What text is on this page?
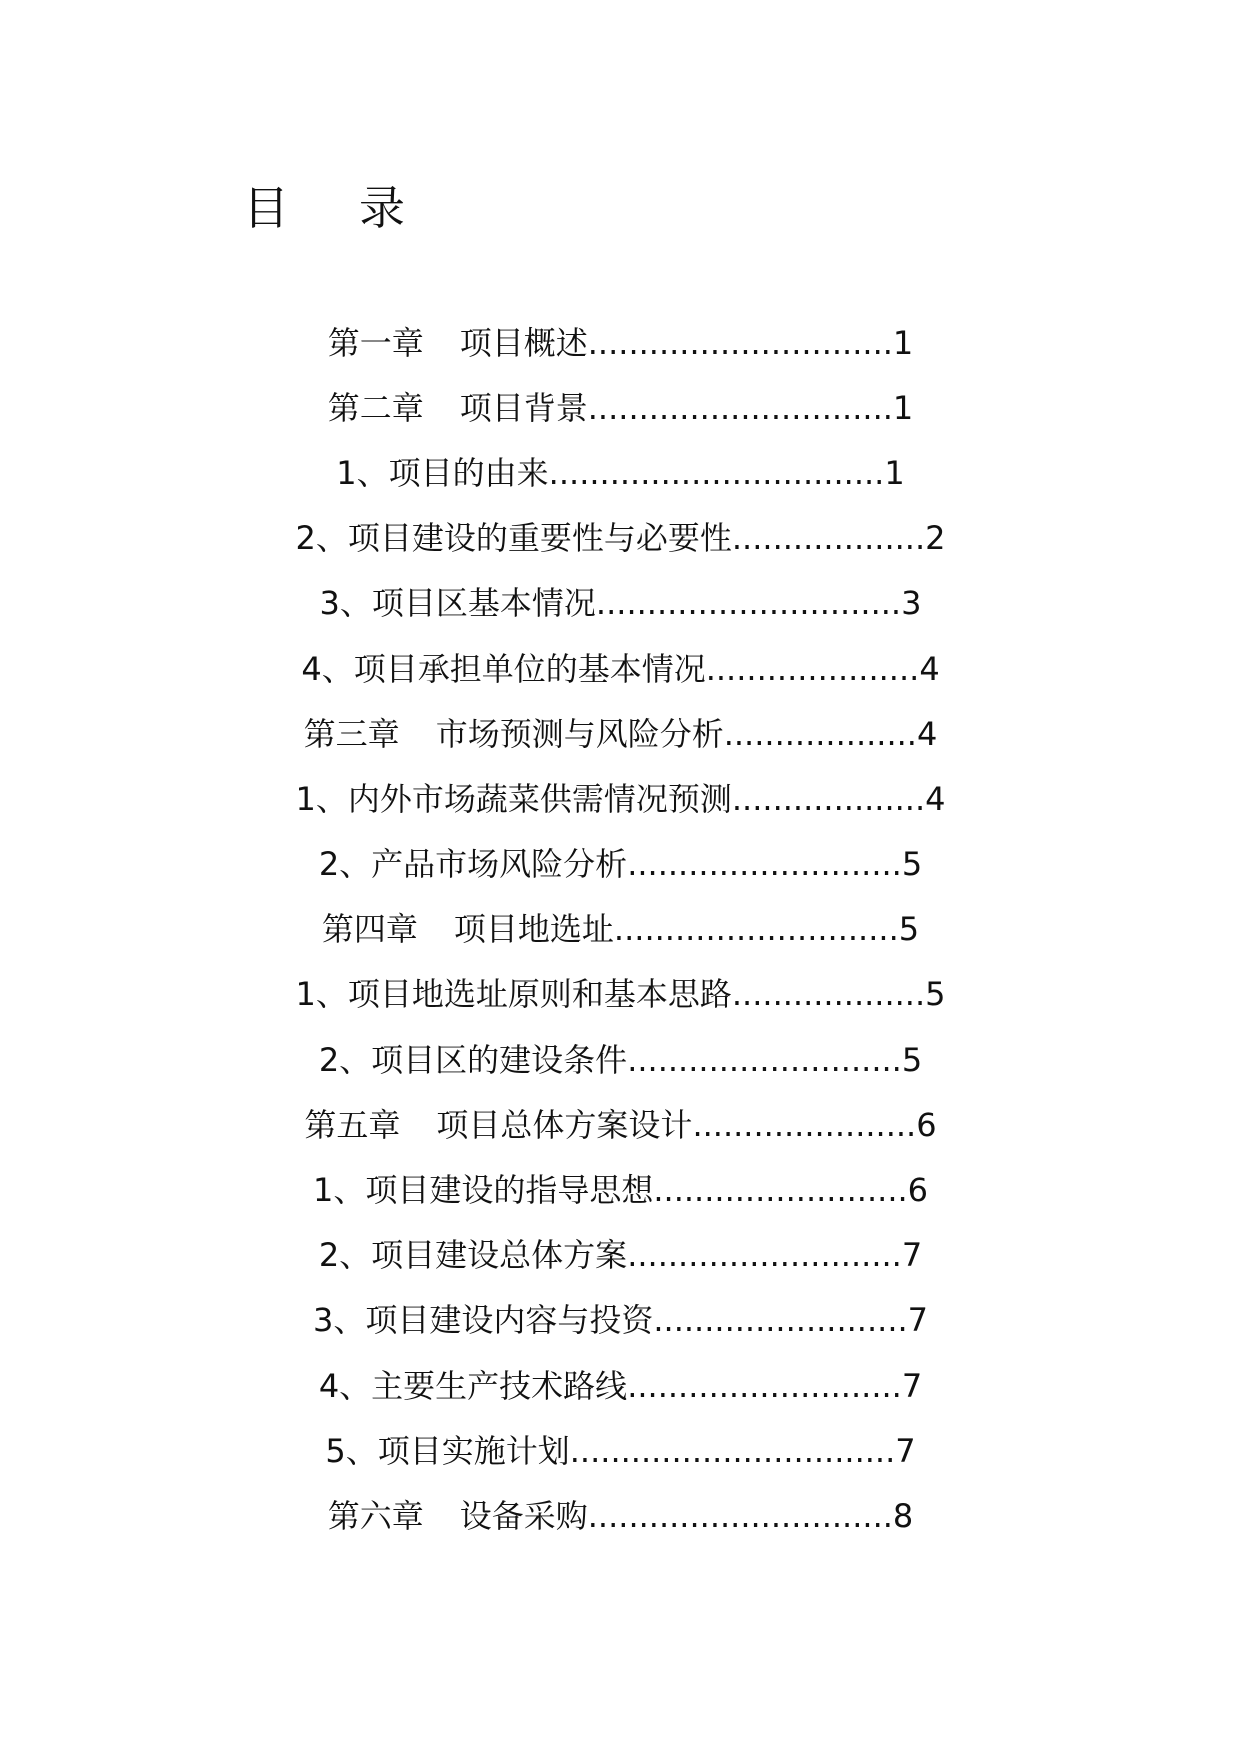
目 录
第一章 项目概述 .............................. 1
第二章 项目背景 .............................. 1
1、项目的由来 ................................. 1
2、项目建设的重要性与必要性 ................... 2
3、项目区基本情况 .............................. 3
4、项目承担单位的基本情况 ..................... 4
第三章 市场预测与风险分析 ................... 4
1、内外市场蔬菜供需情况预测 ................... 4
2、产品市场风险分析 ........................... 5
第四章 项目地选址 ............................ 5
1、项目地选址原则和基本思路 ................... 5
2、项目区的建设条件 ........................... 5
第五章 项目总体方案设计 ...................... 6
1、项目建设的指导思想 ......................... 6
2、项目建设总体方案 ........................... 7
3、项目建设内容与投资 ......................... 7
4、主要生产技术路线 ........................... 7
5、项目实施计划 ................................ 7
第六章 设备采购 .............................. 8
